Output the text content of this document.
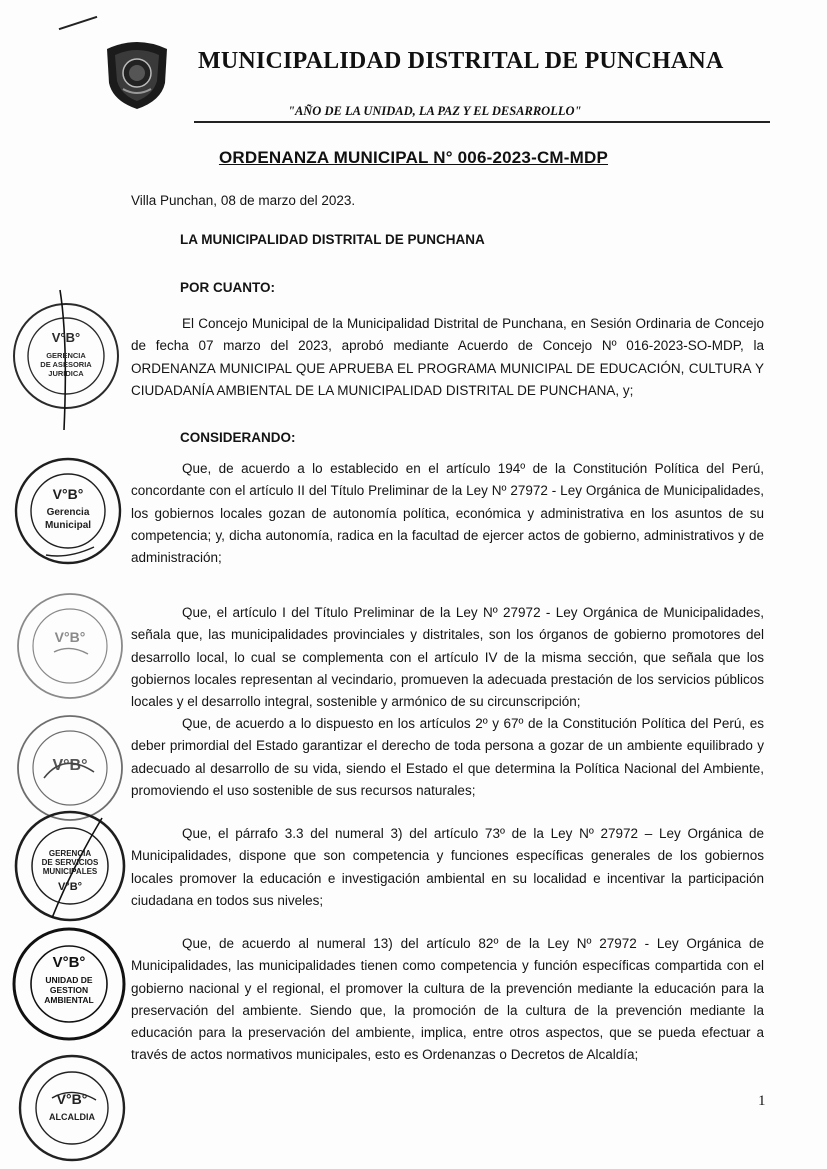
MUNICIPALIDAD DISTRITAL DE PUNCHANA
"AÑO DE LA UNIDAD, LA PAZ Y EL DESARROLLO"
ORDENANZA MUNICIPAL N° 006-2023-CM-MDP
Villa Punchan, 08 de marzo del 2023.
LA MUNICIPALIDAD DISTRITAL DE PUNCHANA
POR CUANTO:

El Concejo Municipal de la Municipalidad Distrital de Punchana, en Sesión Ordinaria de Concejo de fecha 07 marzo del 2023, aprobó mediante Acuerdo de Concejo Nº 016-2023-SO-MDP, la ORDENANZA MUNICIPAL QUE APRUEBA EL PROGRAMA MUNICIPAL DE EDUCACIÓN, CULTURA Y CIUDADANÍA AMBIENTAL DE LA MUNICIPALIDAD DISTRITAL DE PUNCHANA, y;

CONSIDERANDO:

Que, de acuerdo a lo establecido en el artículo 194º de la Constitución Política del Perú, concordante con el artículo II del Título Preliminar de la Ley Nº 27972 - Ley Orgánica de Municipalidades, los gobiernos locales gozan de autonomía política, económica y administrativa en los asuntos de su competencia; y, dicha autonomía, radica en la facultad de ejercer actos de gobierno, administrativos y de administración;

Que, el artículo I del Título Preliminar de la Ley Nº 27972 - Ley Orgánica de Municipalidades, señala que, las municipalidades provinciales y distritales, son los órganos de gobierno promotores del desarrollo local, lo cual se complementa con el artículo IV de la misma sección, que señala que los gobiernos locales representan al vecindario, promueven la adecuada prestación de los servicios públicos locales y el desarrollo integral, sostenible y armónico de su circunscripción;

Que, de acuerdo a lo dispuesto en los artículos 2º y 67º de la Constitución Política del Perú, es deber primordial del Estado garantizar el derecho de toda persona a gozar de un ambiente equilibrado y adecuado al desarrollo de su vida, siendo el Estado el que determina la Política Nacional del Ambiente, promoviendo el uso sostenible de sus recursos naturales;

Que, el párrafo 3.3 del numeral 3) del artículo 73º de la Ley Nº 27972 – Ley Orgánica de Municipalidades, dispone que son competencia y funciones específicas generales de los gobiernos locales promover la educación e investigación ambiental en su localidad e incentivar la participación ciudadana en todos sus niveles;

Que, de acuerdo al numeral 13) del artículo 82º de la Ley Nº 27972 - Ley Orgánica de Municipalidades, las municipalidades tienen como competencia y función específicas compartida con el gobierno nacional y el regional, el promover la cultura de la prevención mediante la educación para la preservación del ambiente. Siendo que, la promoción de la cultura de la prevención mediante la educación para la preservación del ambiente, implica, entre otros aspectos, que se pueda efectuar a través de actos normativos municipales, esto es Ordenanzas o Decretos de Alcaldía;

1
V°B°
GERENCIA
DE ASESORIA
JURIDICA
V°B°
Gerencia
Municipal
V°B°
V°B°
GERENCIA
DE SERVICIOS
MUNICIPALES
V°B°
V°B°
UNIDAD DE
GESTION
AMBIENTAL
V°B°
ALCALDIA
